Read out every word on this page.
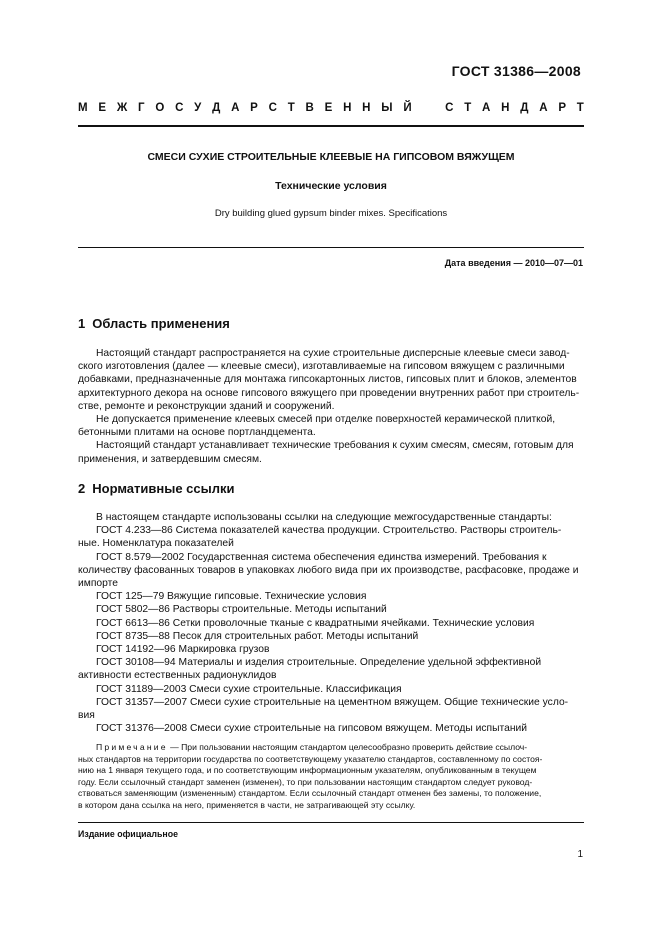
ГОСТ 31386—2008
М Е Ж Г О С У Д А Р С Т В Е Н Н Ы Й	С Т А Н Д А Р Т
СМЕСИ СУХИЕ СТРОИТЕЛЬНЫЕ КЛЕЕВЫЕ НА ГИПСОВОМ ВЯЖУЩЕМ
Технические условия
Dry building glued gypsum binder mixes. Specifications
Дата введения — 2010—07—01
1 Область применения
Настоящий стандарт распространяется на сухие строительные дисперсные клеевые смеси завод-
ского изготовления (далее — клеевые смеси), изготавливаемые на гипсовом вяжущем с различными
добавками, предназначенные для монтажа гипсокартонных листов, гипсовых плит и блоков, элементов
архитектурного декора на основе гипсового вяжущего при проведении внутренних работ при строитель-
стве, ремонте и реконструкции зданий и сооружений.
Не допускается применение клеевых смесей при отделке поверхностей керамической плиткой,
бетонными плитами на основе портландцемента.
Настоящий стандарт устанавливает технические требования к сухим смесям, смесям, готовым для
применения, и затвердевшим смесям.
2 Нормативные ссылки
В настоящем стандарте использованы ссылки на следующие межгосударственные стандарты:
ГОСТ 4.233—86 Система показателей качества продукции. Строительство. Растворы строитель-
ные. Номенклатура показателей
ГОСТ 8.579—2002 Государственная система обеспечения единства измерений. Требования к
количеству фасованных товаров в упаковках любого вида при их производстве, расфасовке, продаже и
импорте
ГОСТ 125—79 Вяжущие гипсовые. Технические условия
ГОСТ 5802—86 Растворы строительные. Методы испытаний
ГОСТ 6613—86 Сетки проволочные тканые с квадратными ячейками. Технические условия
ГОСТ 8735—88 Песок для строительных работ. Методы испытаний
ГОСТ 14192—96 Маркировка грузов
ГОСТ 30108—94 Материалы и изделия строительные. Определение удельной эффективной
активности естественных радионуклидов
ГОСТ 31189—2003 Смеси сухие строительные. Классификация
ГОСТ 31357—2007 Смеси сухие строительные на цементном вяжущем. Общие технические усло-
вия
ГОСТ 31376—2008 Смеси сухие строительные на гипсовом вяжущем. Методы испытаний
Примечание — При пользовании настоящим стандартом целесообразно проверить действие ссылоч-
ных стандартов на территории государства по соответствующему указателю стандартов, составленному по состоя-
нию на 1 января текущего года, и по соответствующим информационным указателям, опубликованным в текущем
году. Если ссылочный стандарт заменен (изменен), то при пользовании настоящим стандартом следует руковод-
ствоваться заменяющим (измененным) стандартом. Если ссылочный стандарт отменен без замены, то положение,
в котором дана ссылка на него, применяется в части, не затрагивающей эту ссылку.
Издание официальное
1
